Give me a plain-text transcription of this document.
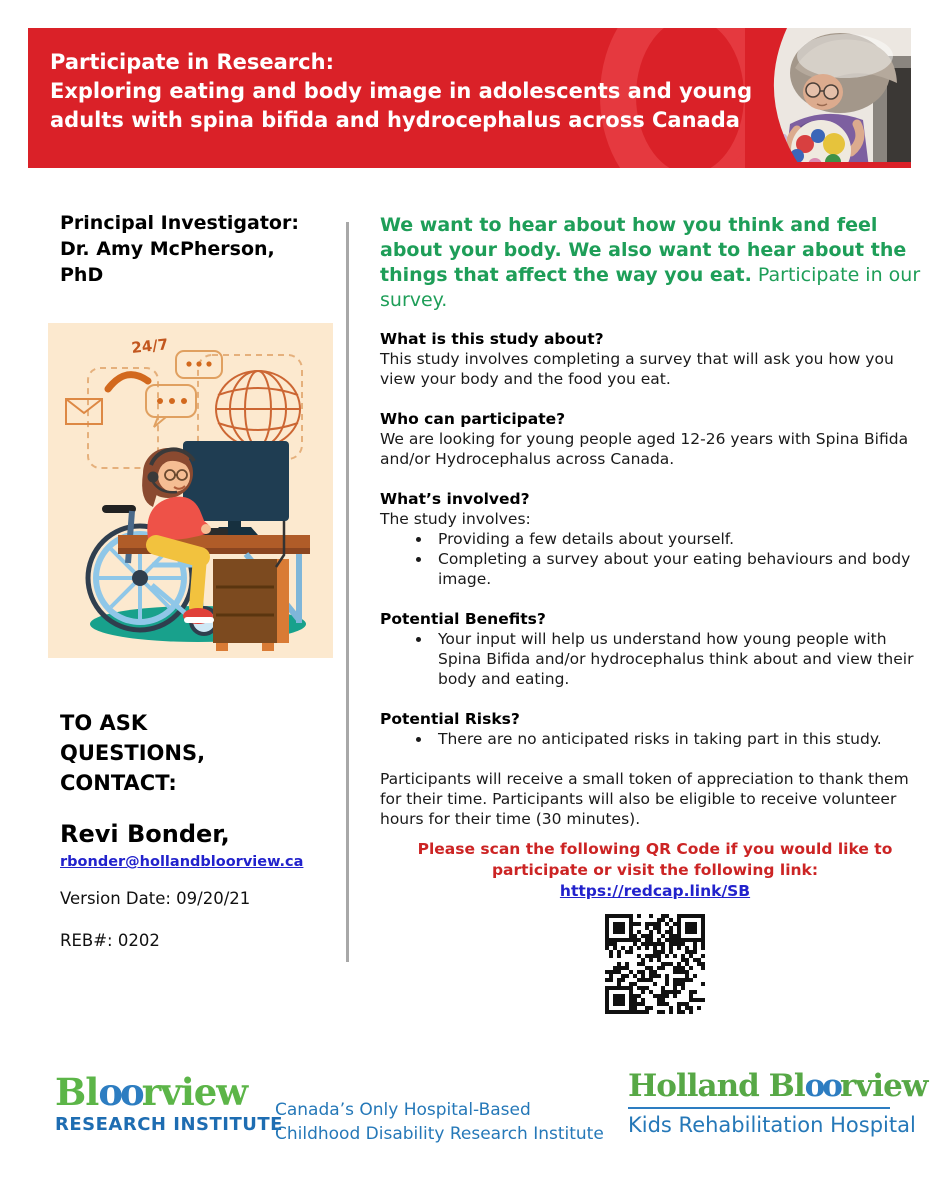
Participate in Research:
Exploring eating and body image in adolescents and young adults with spina bifida and hydrocephalus across Canada
Principal Investigator: Dr. Amy McPherson, PhD
24/7
TO ASK QUESTIONS, CONTACT:
Revi Bonder,
rbonder@hollandbloorview.ca
Version Date: 09/20/21
REB#: 0202

We want to hear about how you think and feel about your body. We also want to hear about the things that affect the way you eat. Participate in our survey.

What is this study about?

This study involves completing a survey that will ask you how you view your body and the food you eat.

Who can participate?

We are looking for young people aged 12-26 years with Spina Bifida and/or Hydrocephalus across Canada.

What’s involved?

The study involves:

• Providing a few details about yourself.
• Completing a survey about your eating behaviours and body image.
Potential Benefits?
• Your input will help us understand how young people with Spina Bifida and/or hydrocephalus think about and view their body and eating.
Potential Risks?
• There are no anticipated risks in taking part in this study.

Participants will receive a small token of appreciation to thank them for their time. Participants will also be eligible to receive volunteer hours for their time (30 minutes).

Please scan the following QR Code if you would like to participate or visit the following link:
https://redcap.link/SB
Bloorview
RESEARCH INSTITUTE
Canada’s Only Hospital-Based
Childhood Disability Research Institute
Holland Bloorview
Kids Rehabilitation Hospital
